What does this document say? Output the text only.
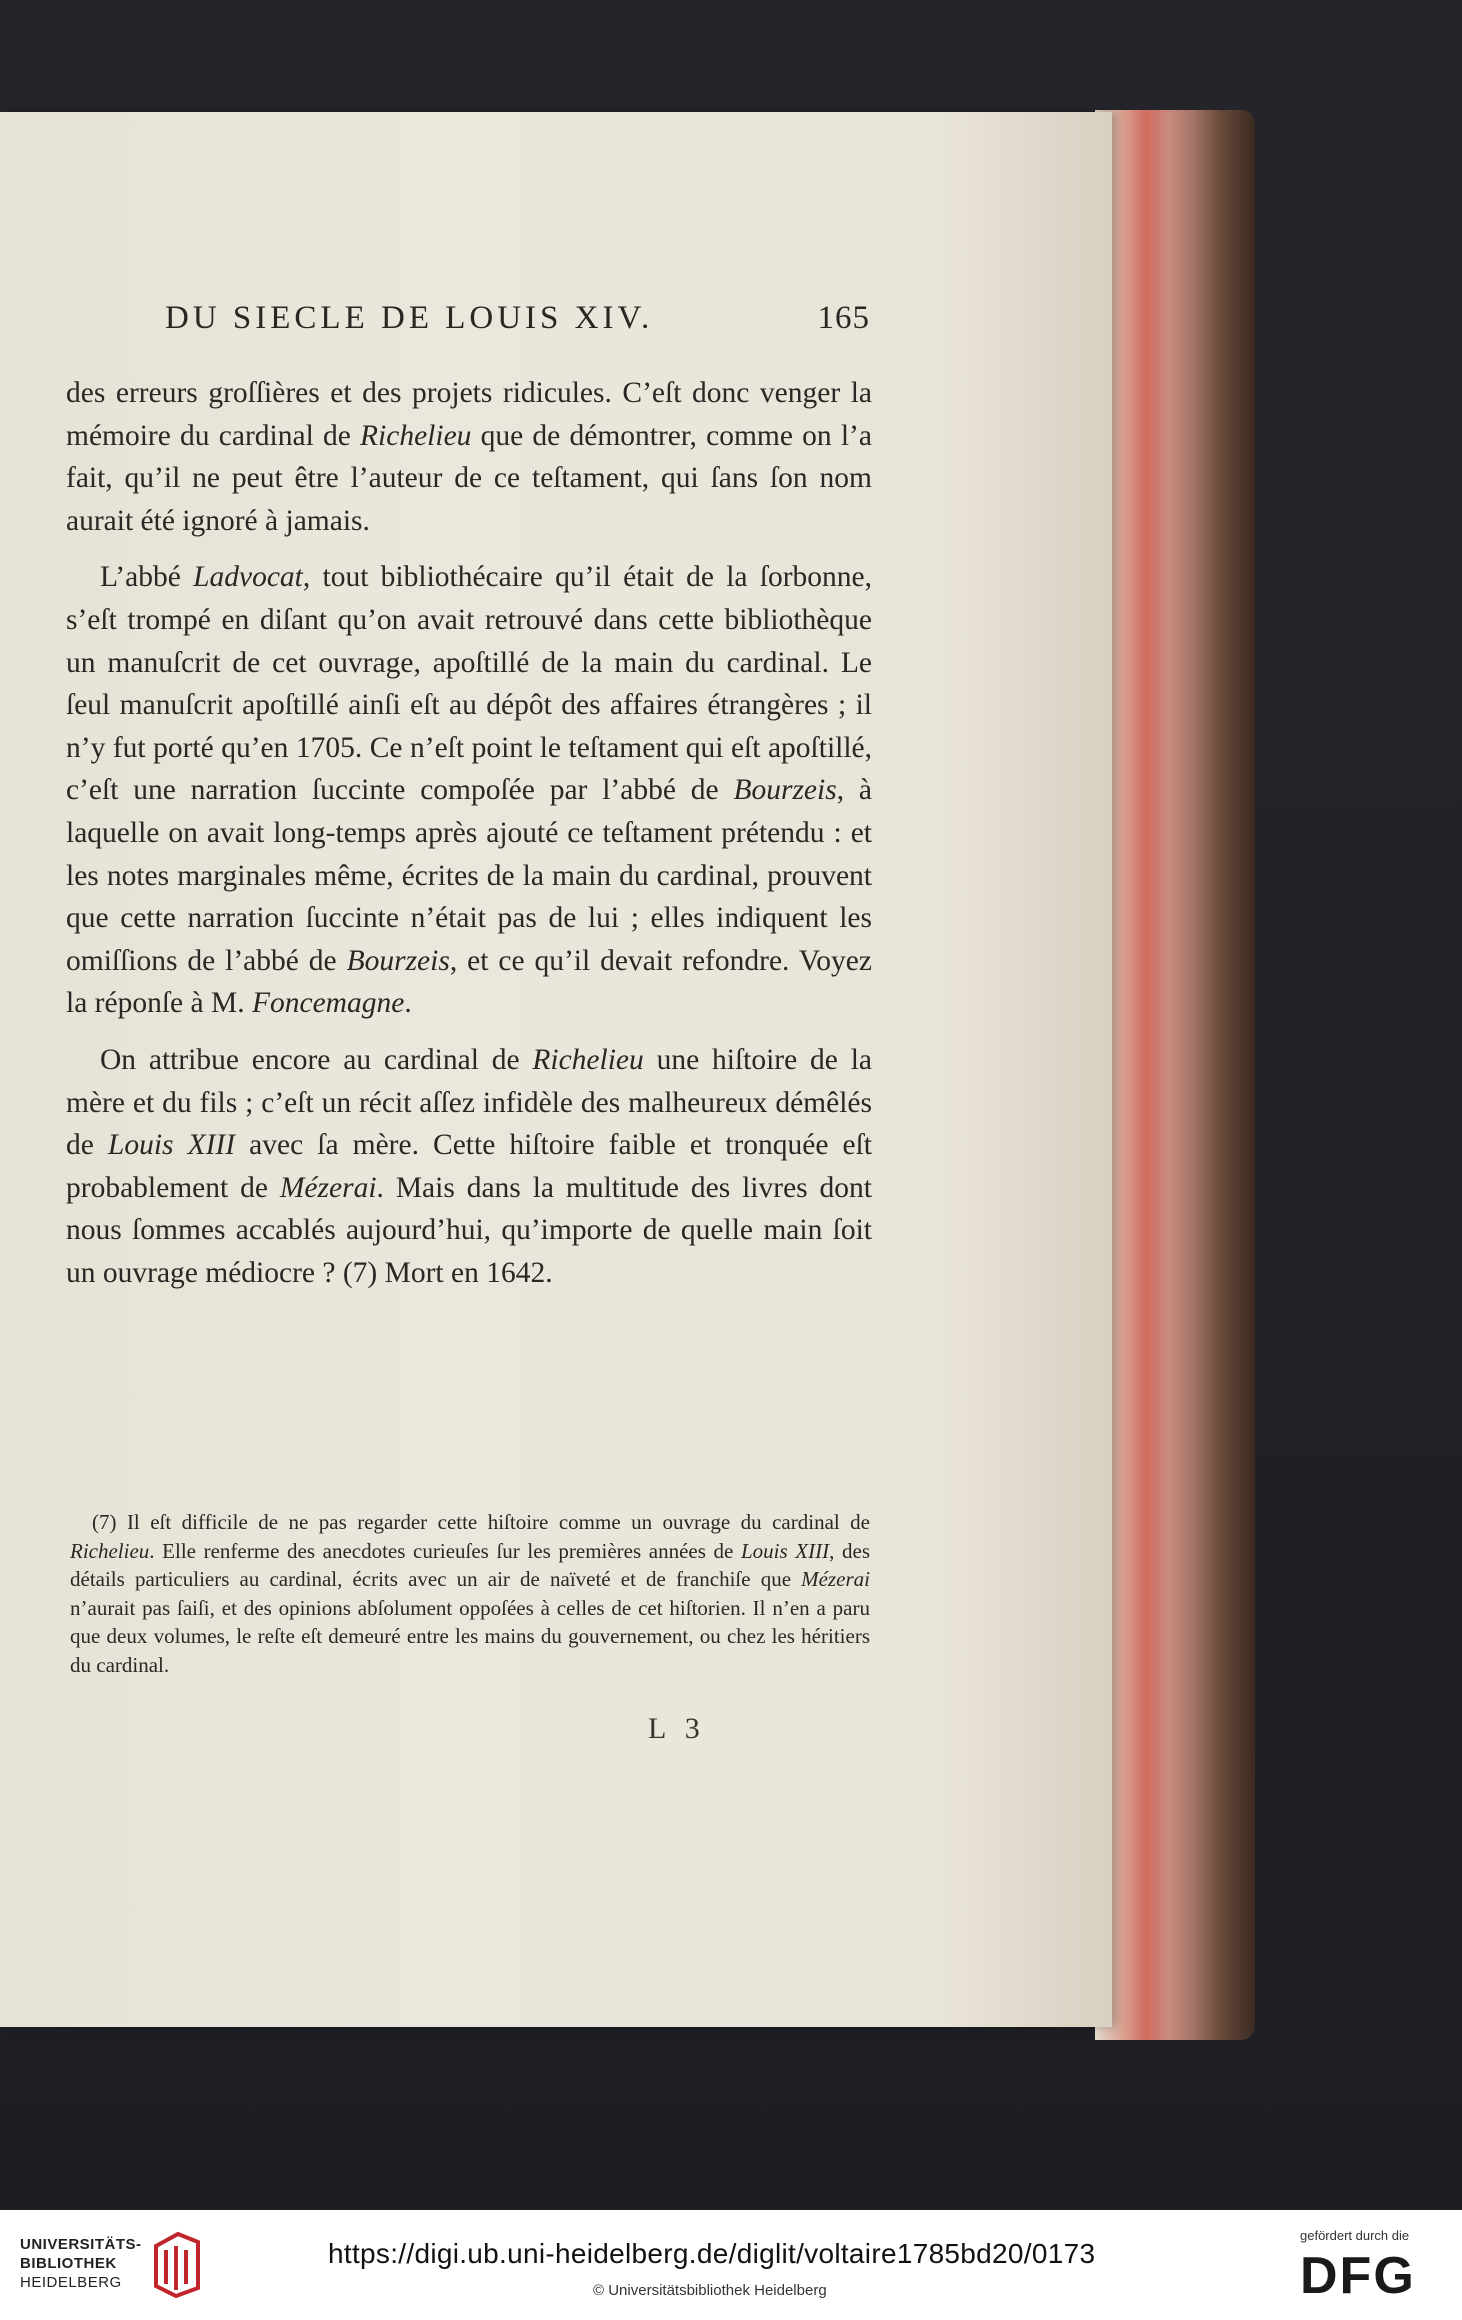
DU SIECLE DE LOUIS XIV.	165

des erreurs groſſières et des projets ridicules. C’eſt donc venger la mémoire du cardinal de Richelieu que de démontrer, comme on l’a fait, qu’il ne peut être l’auteur de ce teſtament, qui ſans ſon nom aurait été ignoré à jamais.

L’abbé Ladvocat, tout bibliothécaire qu’il était de la ſorbonne, s’eſt trompé en diſant qu’on avait retrouvé dans cette bibliothèque un manuſcrit de cet ouvrage, apoſtillé de la main du cardinal. Le ſeul manuſcrit apoſtillé ainſi eſt au dépôt des affaires étrangères ; il n’y fut porté qu’en 1705. Ce n’eſt point le teſtament qui eſt apoſtillé, c’eſt une narration ſuccinte compoſée par l’abbé de Bourzeis, à laquelle on avait long-temps après ajouté ce teſtament prétendu : et les notes marginales même, écrites de la main du cardinal, prouvent que cette narration ſuccinte n’était pas de lui ; elles indiquent les omiſſions de l’abbé de Bourzeis, et ce qu’il devait refondre. Voyez la réponſe à M. Foncemagne.

On attribue encore au cardinal de Richelieu une hiſtoire de la mère et du fils ; c’eſt un récit aſſez infidèle des malheureux démêlés de Louis XIII avec ſa mère. Cette hiſtoire faible et tronquée eſt probablement de Mézerai. Mais dans la multitude des livres dont nous ſommes accablés aujourd’hui, qu’importe de quelle main ſoit un ouvrage médiocre ? (7) Mort en 1642.

(7) Il eſt difficile de ne pas regarder cette hiſtoire comme un ouvrage du cardinal de Richelieu. Elle renferme des anecdotes curieuſes ſur les premières années de Louis XIII, des détails particuliers au cardinal, écrits avec un air de naïveté et de franchiſe que Mézerai n’aurait pas ſaiſi, et des opinions abſolument oppoſées à celles de cet hiſtorien. Il n’en a paru que deux volumes, le reſte eſt demeuré entre les mains du gouvernement, ou chez les héritiers du cardinal.

L 3
UNIVERSITÄTS-
BIBLIOTHEK
HEIDELBERG
https://digi.ub.uni-heidelberg.de/diglit/voltaire1785bd20/0173
© Universitätsbibliothek Heidelberg
gefördert durch die
DFG
